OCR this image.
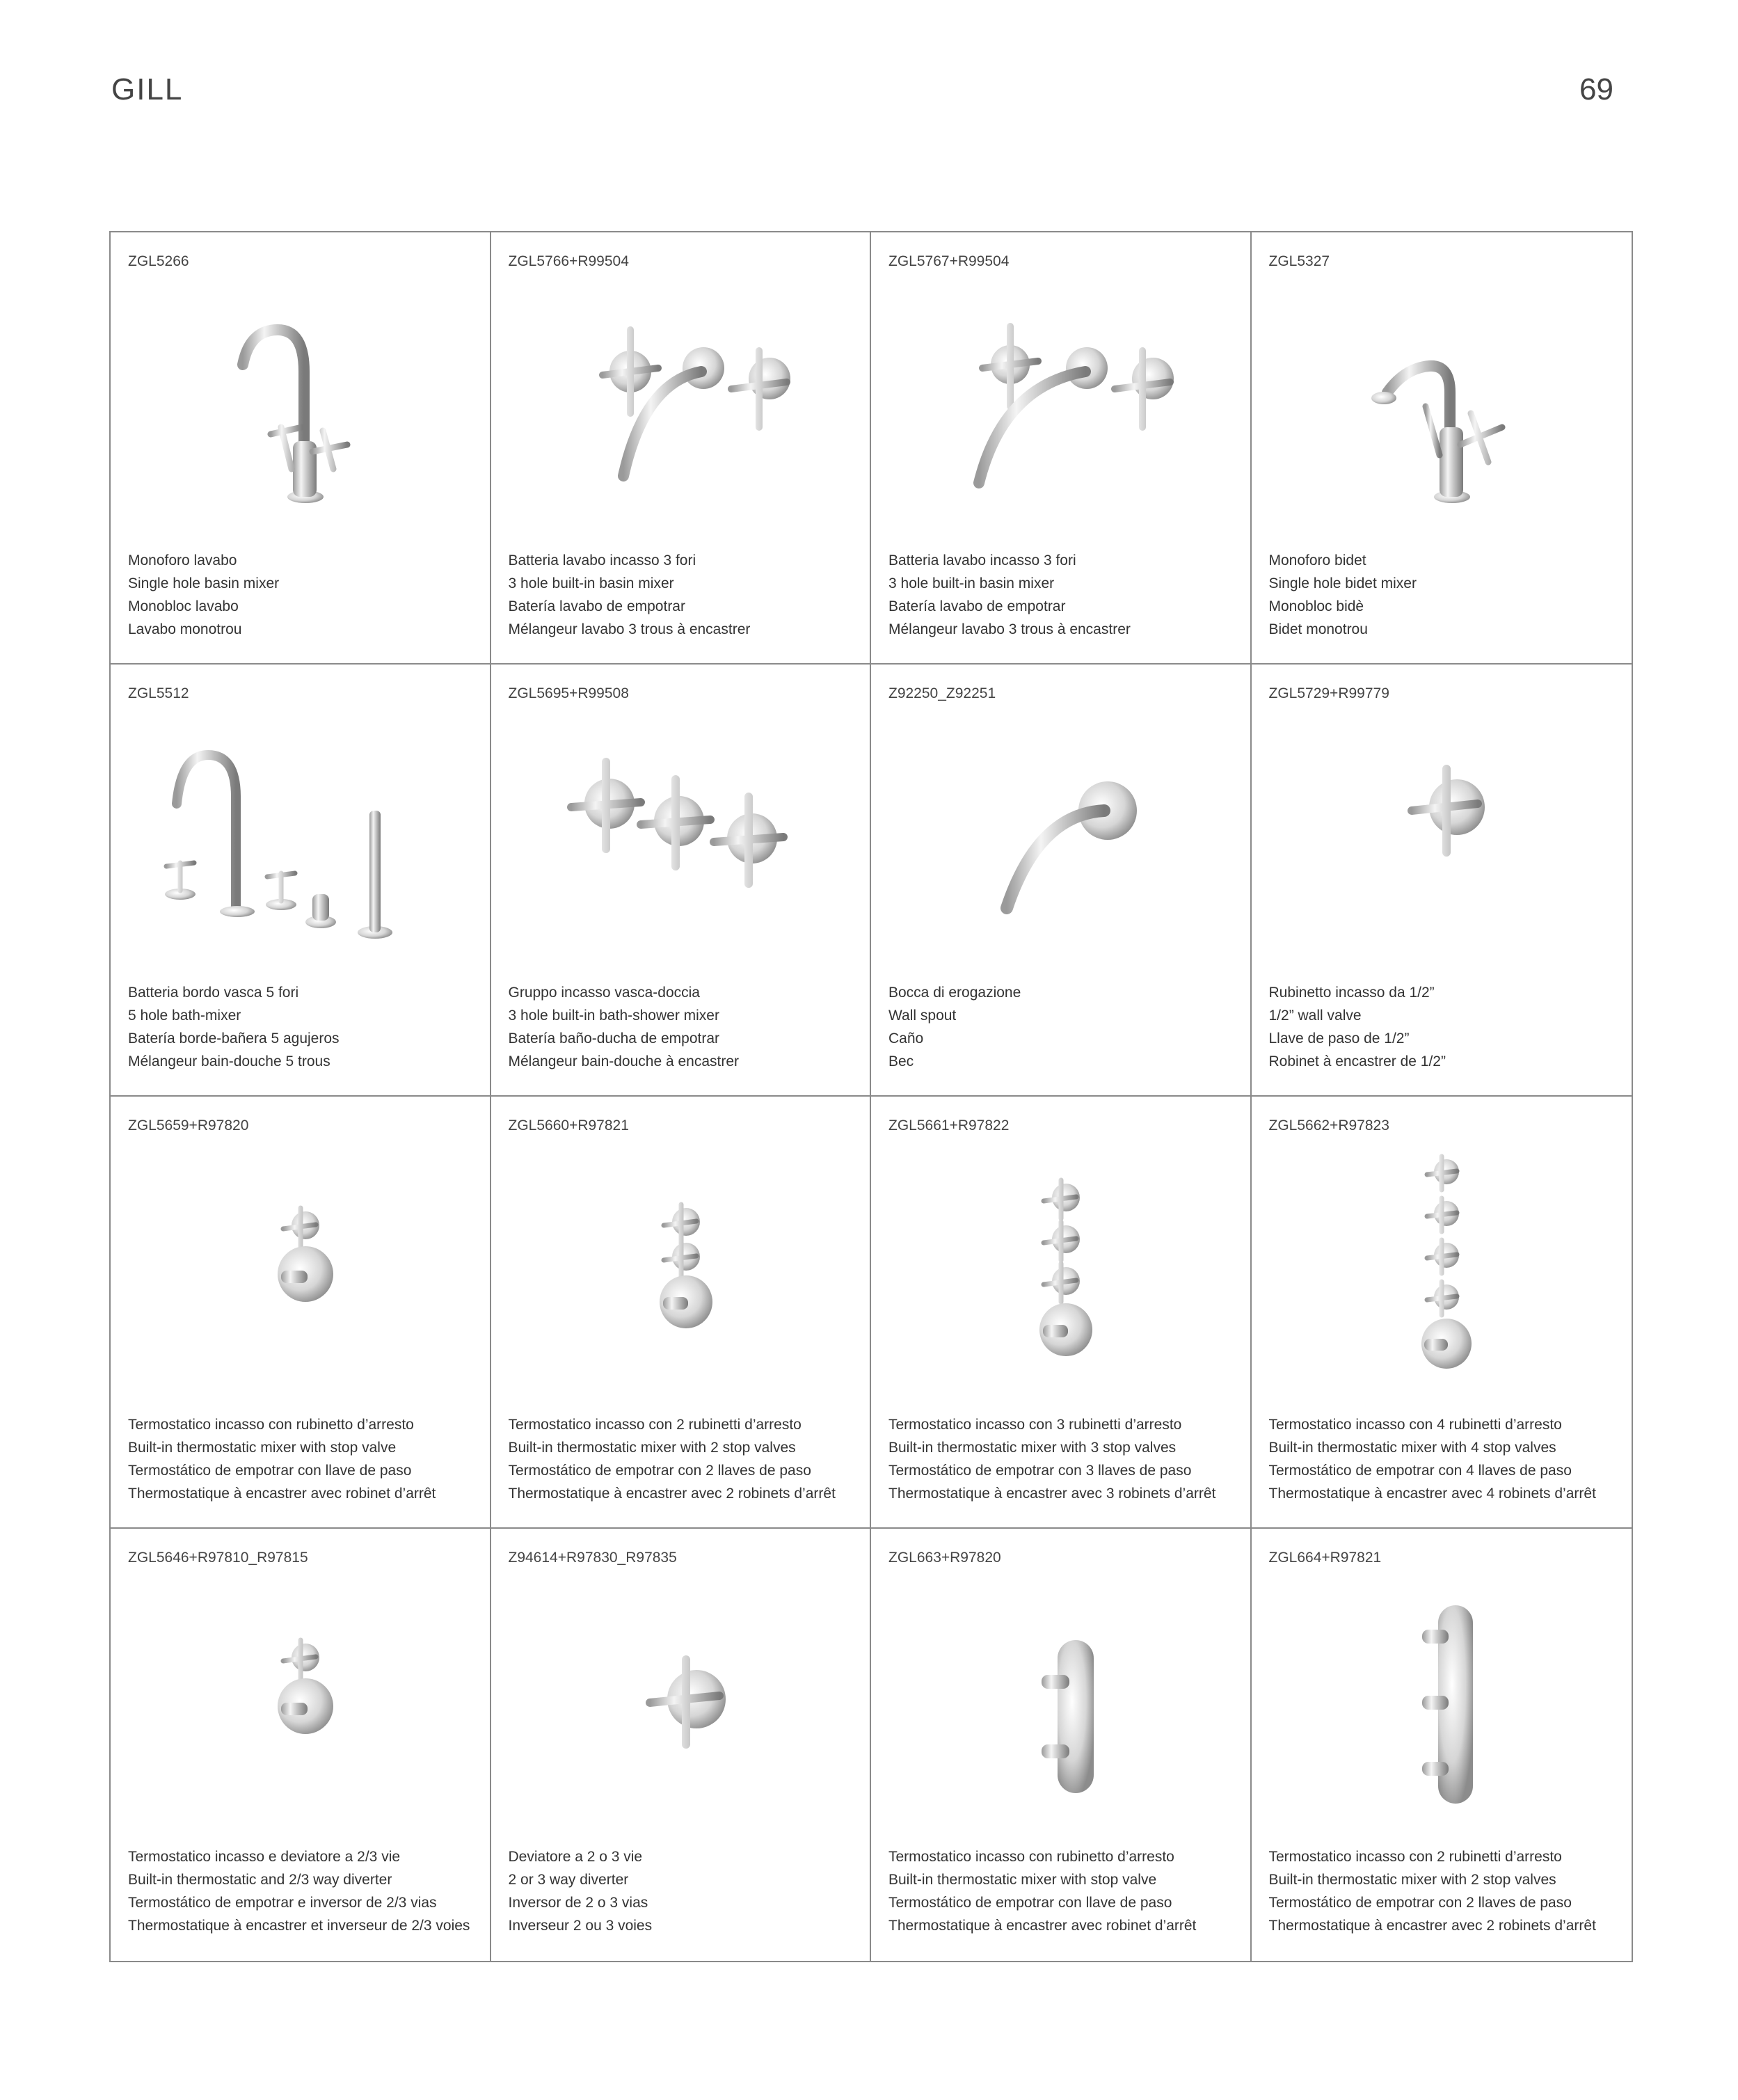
GILL	69
ZGL5266
Monoforo lavabo
Single hole basin mixer
Monobloc lavabo
Lavabo monotrou
ZGL5766+R99504
Batteria lavabo incasso 3 fori
3 hole built-in basin mixer
Batería lavabo de empotrar
Mélangeur lavabo 3 trous à encastrer
ZGL5767+R99504
Batteria lavabo incasso 3 fori
3 hole built-in basin mixer
Batería lavabo de empotrar
Mélangeur lavabo 3 trous à encastrer
ZGL5327
Monoforo bidet
Single hole bidet mixer
Monobloc bidè
Bidet monotrou
ZGL5512
Batteria bordo vasca 5 fori
5 hole bath-mixer
Batería borde-bañera 5 agujeros
Mélangeur bain-douche 5 trous
ZGL5695+R99508
Gruppo incasso vasca-doccia
3 hole built-in bath-shower mixer
Batería baño-ducha de empotrar
Mélangeur bain-douche à encastrer
Z92250_Z92251
Bocca di erogazione
Wall spout
Caño
Bec
ZGL5729+R99779
Rubinetto incasso da 1/2”
1/2” wall valve
Llave de paso de 1/2”
Robinet à encastrer de 1/2”
ZGL5659+R97820
Termostatico incasso con rubinetto d’arresto
Built-in thermostatic mixer with stop valve
Termostático de empotrar con llave de paso
Thermostatique à encastrer avec robinet d’arrêt
ZGL5660+R97821
Termostatico incasso con 2 rubinetti d’arresto
Built-in thermostatic mixer with 2 stop valves
Termostático de empotrar con 2 llaves de paso
Thermostatique à encastrer avec 2 robinets d’arrêt
ZGL5661+R97822
Termostatico incasso con 3 rubinetti d’arresto
Built-in thermostatic mixer with 3 stop valves
Termostático de empotrar con 3 llaves de paso
Thermostatique à encastrer avec 3 robinets d’arrêt
ZGL5662+R97823
Termostatico incasso con 4 rubinetti d’arresto
Built-in thermostatic mixer with 4 stop valves
Termostático de empotrar con 4 llaves de paso
Thermostatique à encastrer avec 4 robinets d’arrêt
ZGL5646+R97810_R97815
Termostatico incasso e deviatore a 2/3 vie
Built-in thermostatic and 2/3 way diverter
Termostático de empotrar e inversor de 2/3 vias
Thermostatique à encastrer et inverseur de 2/3 voies
Z94614+R97830_R97835
Deviatore a 2 o 3 vie
2 or 3 way diverter
Inversor de 2 o 3 vias
Inverseur 2 ou 3 voies
ZGL663+R97820
Termostatico incasso con rubinetto d’arresto
Built-in thermostatic mixer with stop valve
Termostático de empotrar con llave de paso
Thermostatique à encastrer avec robinet d’arrêt
ZGL664+R97821
Termostatico incasso con 2 rubinetti d’arresto
Built-in thermostatic mixer with 2 stop valves
Termostático de empotrar con 2 llaves de paso
Thermostatique à encastrer avec 2 robinets d’arrêt
